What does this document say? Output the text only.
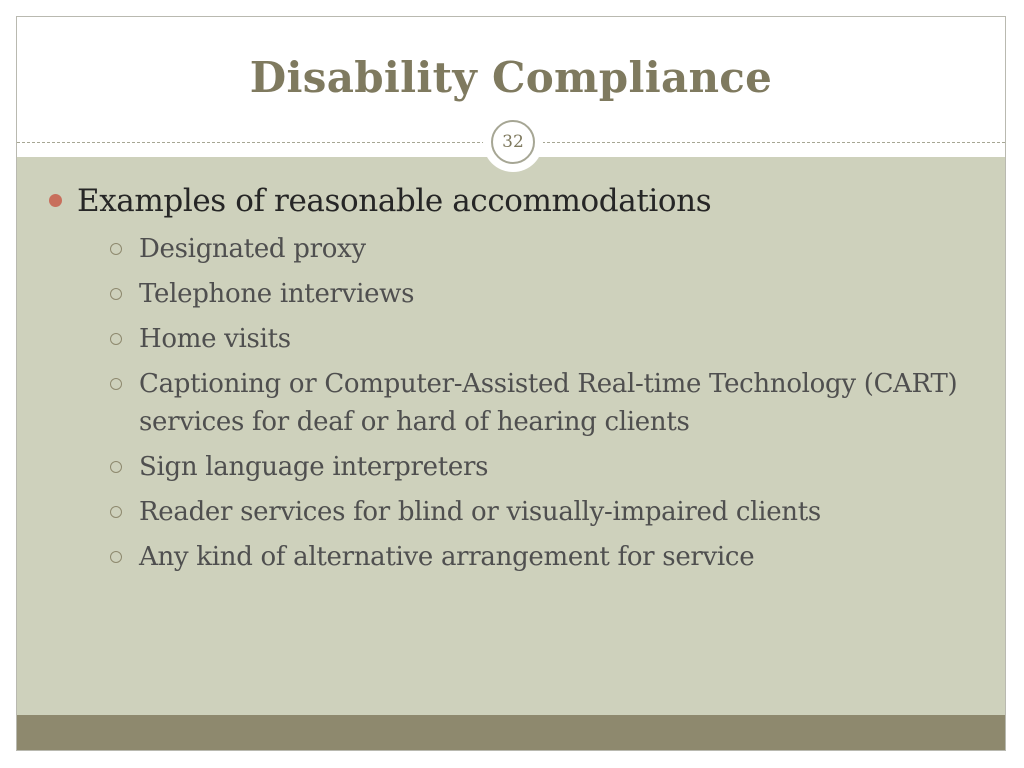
Disability Compliance
32
Examples of reasonable accommodations
Designated proxy
Telephone interviews
Home visits
Captioning or Computer-Assisted Real-time Technology (CART) services for deaf or hard of hearing clients
Sign language interpreters
Reader services for blind or visually-impaired clients
Any kind of alternative arrangement for service
